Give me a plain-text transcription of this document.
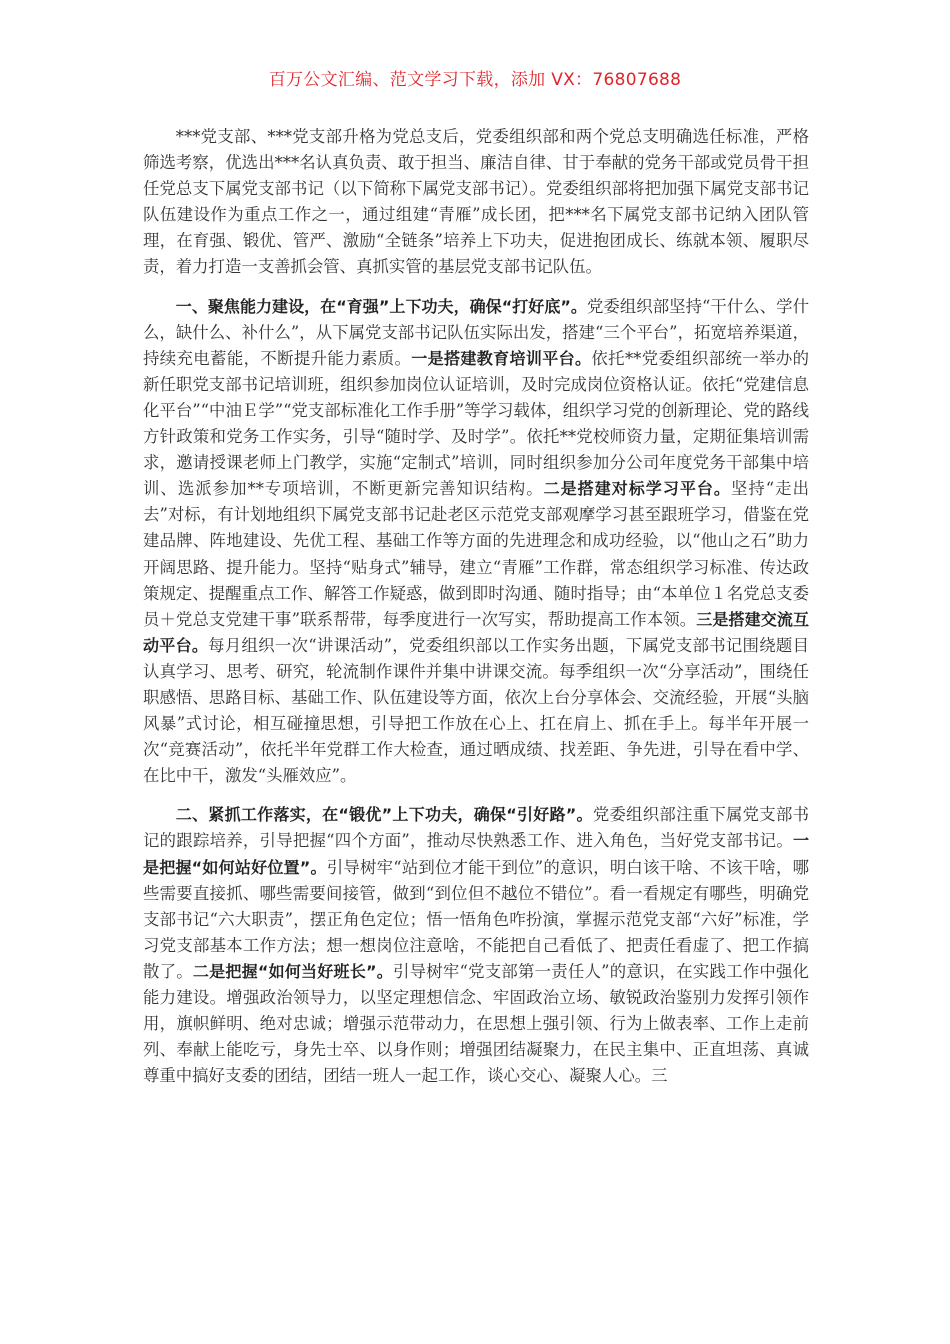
百万公文汇编、范文学习下载，添加 VX：76807688

***党支部、***党支部升格为党总支后，党委组织部和两个党总支明确选任标准，严格筛选考察，优选出***名认真负责、敢于担当、廉洁自律、甘于奉献的党务干部或党员骨干担任党总支下属党支部书记（以下简称下属党支部书记）。党委组织部将把加强下属党支部书记队伍建设作为重点工作之一，通过组建“青雁”成长团，把***名下属党支部书记纳入团队管理，在育强、锻优、管严、激励“全链条”培养上下功夫，促进抱团成长、练就本领、履职尽责，着力打造一支善抓会管、真抓实管的基层党支部书记队伍。

一、聚焦能力建设，在“育强”上下功夫，确保“打好底”。党委组织部坚持“干什么、学什么，缺什么、补什么”，从下属党支部书记队伍实际出发，搭建“三个平台”，拓宽培养渠道，持续充电蓄能，不断提升能力素质。一是搭建教育培训平台。依托**党委组织部统一举办的新任职党支部书记培训班，组织参加岗位认证培训，及时完成岗位资格认证。依托“党建信息化平台”“中油Ｅ学”“党支部标准化工作手册”等学习载体，组织学习党的创新理论、党的路线方针政策和党务工作实务，引导“随时学、及时学”。依托**党校师资力量，定期征集培训需求，邀请授课老师上门教学，实施“定制式”培训，同时组织参加分公司年度党务干部集中培训、选派参加**专项培训，不断更新完善知识结构。二是搭建对标学习平台。坚持“走出去”对标，有计划地组织下属党支部书记赴老区示范党支部观摩学习甚至跟班学习，借鉴在党建品牌、阵地建设、先优工程、基础工作等方面的先进理念和成功经验，以“他山之石”助力开阔思路、提升能力。坚持“贴身式”辅导，建立“青雁”工作群，常态组织学习标准、传达政策规定、提醒重点工作、解答工作疑惑，做到即时沟通、随时指导；由“本单位１名党总支委员＋党总支党建干事”联系帮带，每季度进行一次写实，帮助提高工作本领。三是搭建交流互动平台。每月组织一次“讲课活动”，党委组织部以工作实务出题，下属党支部书记围绕题目认真学习、思考、研究，轮流制作课件并集中讲课交流。每季组织一次“分享活动”，围绕任职感悟、思路目标、基础工作、队伍建设等方面，依次上台分享体会、交流经验，开展“头脑风暴”式讨论，相互碰撞思想，引导把工作放在心上、扛在肩上、抓在手上。每半年开展一次“竞赛活动”，依托半年党群工作大检查，通过晒成绩、找差距、争先进，引导在看中学、在比中干，激发“头雁效应”。

二、紧抓工作落实，在“锻优”上下功夫，确保“引好路”。党委组织部注重下属党支部书记的跟踪培养，引导把握“四个方面”，推动尽快熟悉工作、进入角色，当好党支部书记。一是把握“如何站好位置”。引导树牢“站到位才能干到位”的意识，明白该干啥、不该干啥，哪些需要直接抓、哪些需要间接管，做到“到位但不越位不错位”。看一看规定有哪些，明确党支部书记“六大职责”，摆正角色定位；悟一悟角色咋扮演，掌握示范党支部“六好”标准，学习党支部基本工作方法；想一想岗位注意啥，不能把自己看低了、把责任看虚了、把工作搞散了。二是把握“如何当好班长”。引导树牢“党支部第一责任人”的意识，在实践工作中强化能力建设。增强政治领导力，以坚定理想信念、牢固政治立场、敏锐政治鉴别力发挥引领作用，旗帜鲜明、绝对忠诚；增强示范带动力，在思想上强引领、行为上做表率、工作上走前列、奉献上能吃亏，身先士卒、以身作则；增强团结凝聚力，在民主集中、正直坦荡、真诚尊重中搞好支委的团结，团结一班人一起工作，谈心交心、凝聚人心。三
